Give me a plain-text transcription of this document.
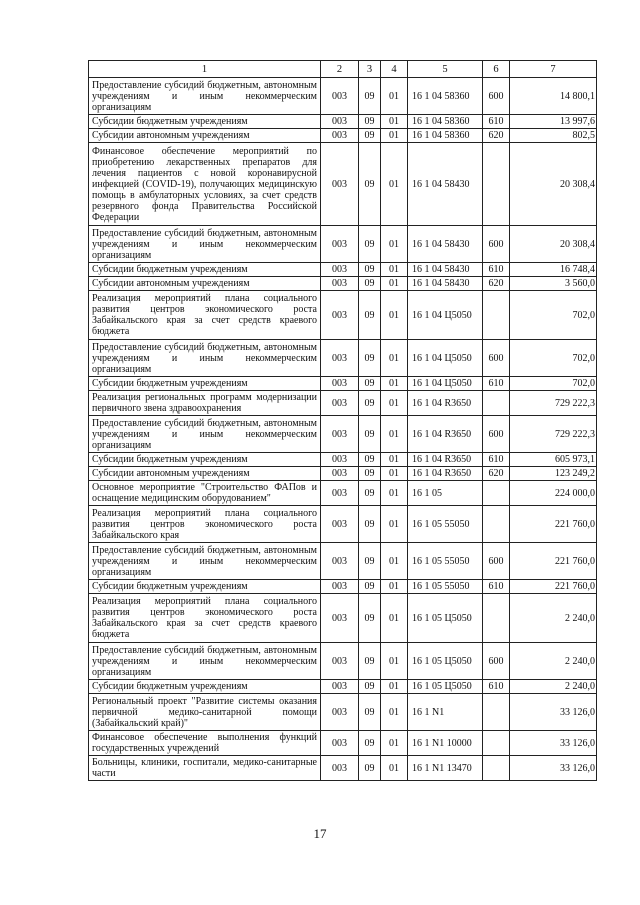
1	2	3	4	5	6	7
Предоставление субсидий бюджетным, автономным учреждениям и иным некоммерческим организациям	003	09	01	16 1 04 58360	600	14 800,1
Субсидии бюджетным учреждениям	003	09	01	16 1 04 58360	610	13 997,6
Субсидии автономным учреждениям	003	09	01	16 1 04 58360	620	802,5
Финансовое обеспечение мероприятий по приобретению лекарственных препаратов для лечения пациентов с новой коронавирусной инфекцией (COVID-19), получающих медицинскую помощь в амбулаторных условиях, за счет средств резервного фонда Правительства Российской Федерации	003	09	01	16 1 04 58430		20 308,4
Предоставление субсидий бюджетным, автономным учреждениям и иным некоммерческим организациям	003	09	01	16 1 04 58430	600	20 308,4
Субсидии бюджетным учреждениям	003	09	01	16 1 04 58430	610	16 748,4
Субсидии автономным учреждениям	003	09	01	16 1 04 58430	620	3 560,0
Реализация мероприятий плана социального развития центров экономического роста Забайкальского края за счет средств краевого бюджета	003	09	01	16 1 04 Ц5050		702,0
Предоставление субсидий бюджетным, автономным учреждениям и иным некоммерческим организациям	003	09	01	16 1 04 Ц5050	600	702,0
Субсидии бюджетным учреждениям	003	09	01	16 1 04 Ц5050	610	702,0
Реализация региональных программ модернизации первичного звена здравоохранения	003	09	01	16 1 04 R3650		729 222,3
Предоставление субсидий бюджетным, автономным учреждениям и иным некоммерческим организациям	003	09	01	16 1 04 R3650	600	729 222,3
Субсидии бюджетным учреждениям	003	09	01	16 1 04 R3650	610	605 973,1
Субсидии автономным учреждениям	003	09	01	16 1 04 R3650	620	123 249,2
Основное мероприятие "Строительство ФАПов и оснащение медицинским оборудованием"	003	09	01	16 1 05		224 000,0
Реализация мероприятий плана социального развития центров экономического роста Забайкальского края	003	09	01	16 1 05 55050		221 760,0
Предоставление субсидий бюджетным, автономным учреждениям и иным некоммерческим организациям	003	09	01	16 1 05 55050	600	221 760,0
Субсидии бюджетным учреждениям	003	09	01	16 1 05 55050	610	221 760,0
Реализация мероприятий плана социального развития центров экономического роста Забайкальского края за счет средств краевого бюджета	003	09	01	16 1 05 Ц5050		2 240,0
Предоставление субсидий бюджетным, автономным учреждениям и иным некоммерческим организациям	003	09	01	16 1 05 Ц5050	600	2 240,0
Субсидии бюджетным учреждениям	003	09	01	16 1 05 Ц5050	610	2 240,0
Региональный проект "Развитие системы оказания первичной медико-санитарной помощи (Забайкальский край)"	003	09	01	16 1 N1		33 126,0
Финансовое обеспечение выполнения функций государственных учреждений	003	09	01	16 1 N1 10000		33 126,0
Больницы, клиники, госпитали, медико-санитарные части	003	09	01	16 1 N1 13470		33 126,0
17
